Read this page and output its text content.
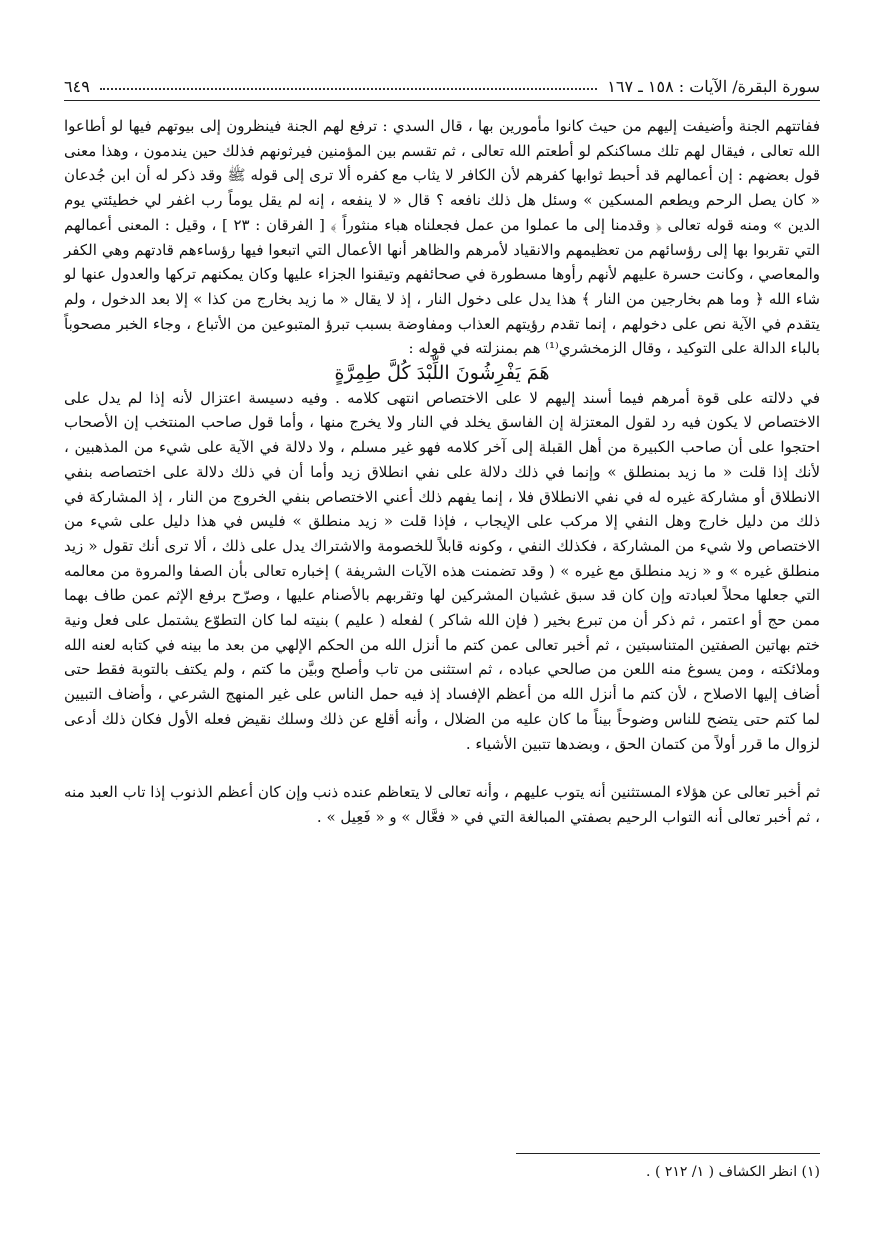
سورة البقرة/ الآيات : ١٥٨ ـ ١٦٧
٦٤٩

ففاتتهم الجنة وأضيفت إليهم من حيث كانوا مأمورين بها ، قال السدي : ترفع لهم الجنة فينظرون إلى بيوتهم فيها لو أطاعوا الله تعالى ، فيقال لهم تلك مساكنكم لو أطعتم الله تعالى ، ثم تقسم بين المؤمنين فيرثونهم فذلك حين يندمون ، وهذا معنى قول بعضهم : إن أعمالهم قد أحبط ثوابها كفرهم لأن الكافر لا يثاب مع كفره ألا ترى إلى قوله ﷺ وقد ذكر له أن ابن جُدعان « كان يصل الرحم ويطعم المسكين » وسئل هل ذلك نافعه ؟ قال « لا ينفعه ، إنه لم يقل يوماً رب اغفر لي خطيئتي يوم الدين » ومنه قوله تعالى ﴿ وقدمنا إلى ما عملوا من عمل فجعلناه هباء منثوراً ﴾ [ الفرقان : ٢٣ ] ، وقيل : المعنى أعمالهم التي تقربوا بها إلى رؤسائهم من تعظيمهم والانقياد لأمرهم والظاهر أنها الأعمال التي اتبعوا فيها رؤساءهم قادتهم وهي الكفر والمعاصي ، وكانت حسرة عليهم لأنهم رأوها مسطورة في صحائفهم وتيقنوا الجزاء عليها وكان يمكنهم تركها والعدول عنها لو شاء الله ﴿ وما هم بخارجين من النار ﴾ هذا يدل على دخول النار ، إذ لا يقال « ما زيد بخارج من كذا » إلا بعد الدخول ، ولم يتقدم في الآية نص على دخولهم ، إنما تقدم رؤيتهم العذاب ومفاوضة بسبب تبرؤ المتبوعين من الأتباع ، وجاء الخبر مصحوباً بالباء الدالة على التوكيد ، وقال الزمخشري⁽¹⁾ هم بمنزلته في قوله :

هَمَ يَفْرِشُونَ اللِّبْدَ كُلَّ طِمِرَّةٍ

في دلالته على قوة أمرهم فيما أسند إليهم لا على الاختصاص انتهى كلامه . وفيه دسيسة اعتزال لأنه إذا لم يدل على الاختصاص لا يكون فيه رد لقول المعتزلة إن الفاسق يخلد في النار ولا يخرج منها ، وأما قول صاحب المنتخب إن الأصحاب احتجوا على أن صاحب الكبيرة من أهل القبلة إلى آخر كلامه فهو غير مسلم ، ولا دلالة في الآية على شيء من المذهبين ، لأنك إذا قلت « ما زيد بمنطلق » وإنما في ذلك دلالة على نفي انطلاق زيد وأما أن في ذلك دلالة على اختصاصه بنفي الانطلاق أو مشاركة غيره له في نفي الانطلاق فلا ، إنما يفهم ذلك أعني الاختصاص بنفي الخروج من النار ، إذ المشاركة في ذلك من دليل خارج وهل النفي إلا مركب على الإيجاب ، فإذا قلت « زيد منطلق » فليس في هذا دليل على شيء من الاختصاص ولا شيء من المشاركة ، فكذلك النفي ، وكونه قابلاً للخصومة والاشتراك يدل على ذلك ، ألا ترى أنك تقول « زيد منطلق غيره » و « زيد منطلق مع غيره » ( وقد تضمنت هذه الآيات الشريفة ) إخباره تعالى بأن الصفا والمروة من معالمه التي جعلها محلاً لعبادته وإن كان قد سبق غشيان المشركين لها وتقربهم بالأصنام عليها ، وصرّح برفع الإثم عمن طاف بهما ممن حج أو اعتمر ، ثم ذكر أن من تبرع بخير ( فإن الله شاكر ) لفعله ( عليم ) بنيته لما كان التطوّع يشتمل على فعل ونية ختم بهاتين الصفتين المتناسبتين ، ثم أخبر تعالى عمن كتم ما أنزل الله من الحكم الإلهي من بعد ما بينه في كتابه لعنه الله وملائكته ، ومن يسوغ منه اللعن من صالحي عباده ، ثم استثنى من تاب وأصلح وبيَّن ما كتم ، ولم يكتف بالتوبة فقط حتى أضاف إليها الاصلاح ، لأن كتم ما أنزل الله من أعظم الإفساد إذ فيه حمل الناس على غير المنهج الشرعي ، وأضاف التبيين لما كتم حتى يتضح للناس وضوحاً بيناً ما كان عليه من الضلال ، وأنه أقلع عن ذلك وسلك نقيض فعله الأول فكان ذلك أدعى لزوال ما قرر أولاً من كتمان الحق ، وبضدها تتبين الأشياء .

ثم أخبر تعالى عن هؤلاء المستثنين أنه يتوب عليهم ، وأنه تعالى لا يتعاظم عنده ذنب وإن كان أعظم الذنوب إذا تاب العبد منه ، ثم أخبر تعالى أنه التواب الرحيم بصفتي المبالغة التي في « فعَّال » و « فَعِيل » .

(١) انظر الكشاف ( ١/ ٢١٢ ) .
